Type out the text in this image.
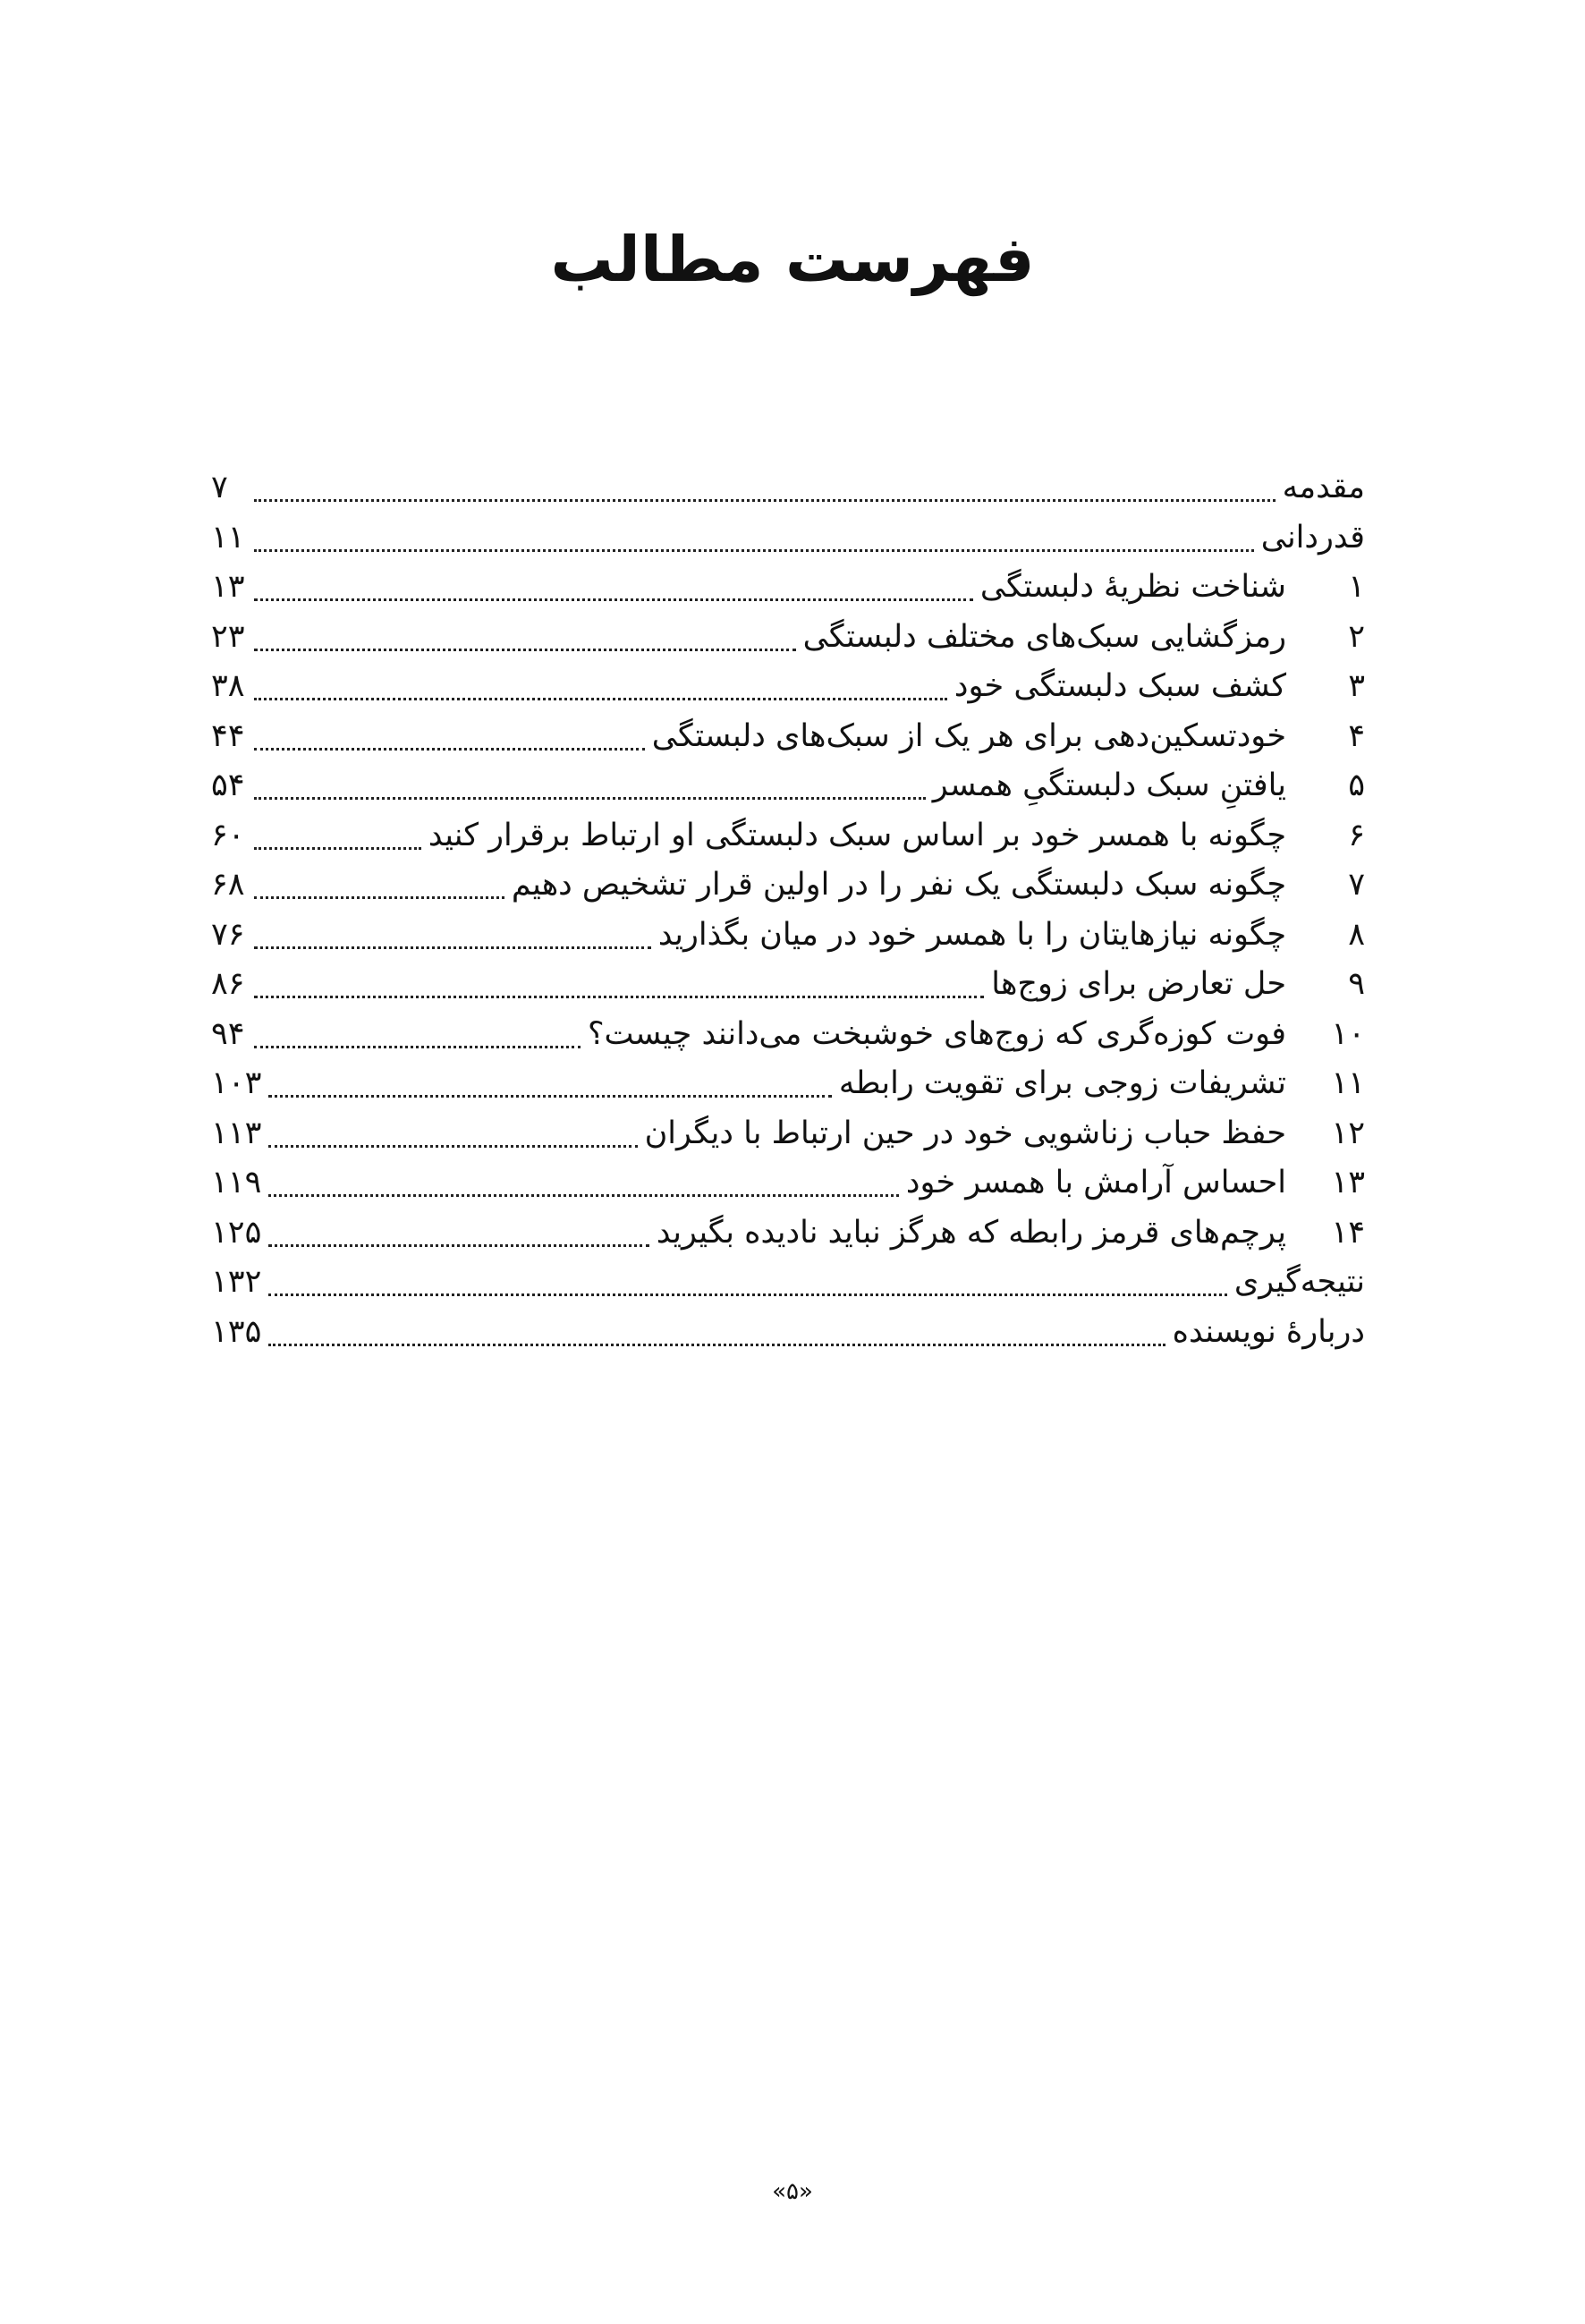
فهرست مطالب
مقدمه
۷
قدردانی
۱۱
۱
شناخت نظریهٔ دلبستگی
۱۳
۲
رمزگشایی سبک‌های مختلف دلبستگی
۲۳
۳
کشف سبک دلبستگی خود
۳۸
۴
خودتسکین‌دهی برای هر یک از سبک‌های دلبستگی
۴۴
۵
یافتنِ سبک دلبستگیِ همسر
۵۴
۶
چگونه با همسر خود بر اساس سبک دلبستگی او ارتباط برقرار کنید
۶۰
۷
چگونه سبک دلبستگی یک نفر را در اولین قرار تشخیص دهیم
۶۸
۸
چگونه نیازهایتان را با همسر خود در میان بگذارید
۷۶
۹
حل تعارض برای زوج‌ها
۸۶
۱۰
فوت کوزه‌گری که زوج‌های خوشبخت می‌دانند چیست؟
۹۴
۱۱
تشریفات زوجی برای تقویت رابطه
۱۰۳
۱۲
حفظ حباب زناشویی خود در حین ارتباط با دیگران
۱۱۳
۱۳
احساس آرامش با همسر خود
۱۱۹
۱۴
پرچم‌های قرمز رابطه که هرگز نباید نادیده بگیرید
۱۲۵
نتیجه‌گیری
۱۳۲
دربارهٔ نویسنده
۱۳۵
«۵»
